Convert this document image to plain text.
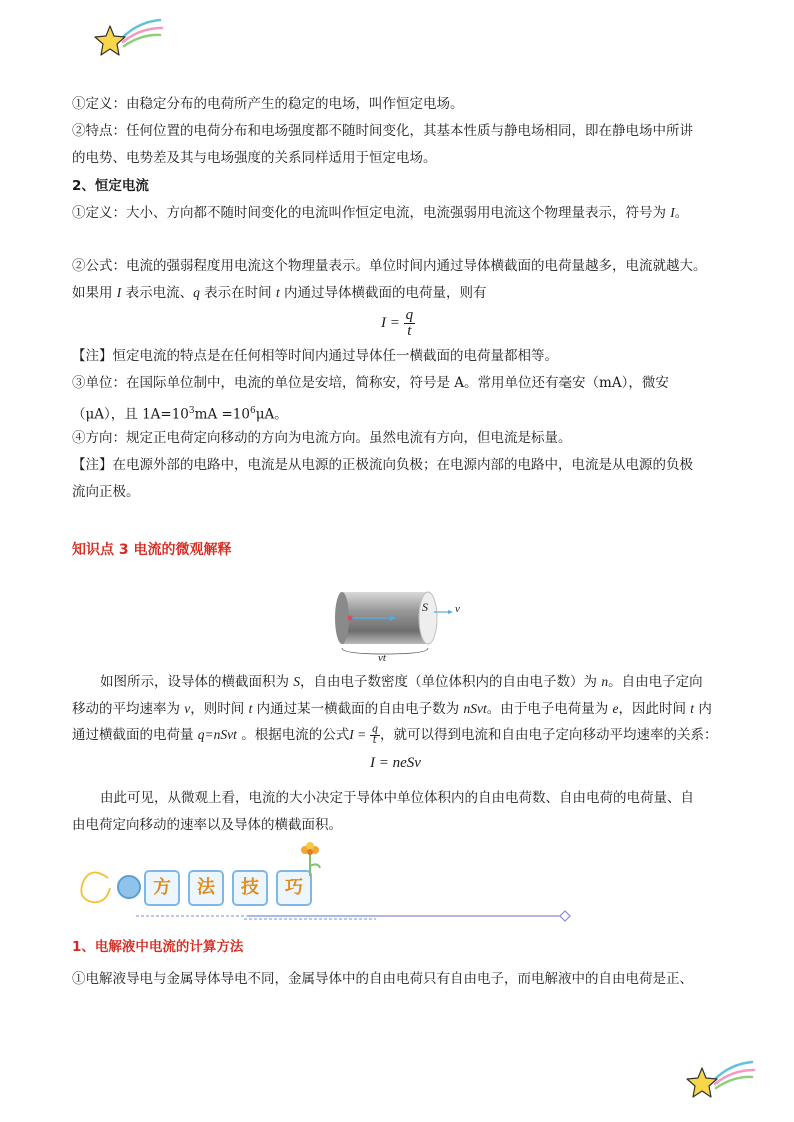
①定义：由稳定分布的电荷所产生的稳定的电场，叫作恒定电场。
②特点：任何位置的电荷分布和电场强度都不随时间变化，其基本性质与静电场相同，即在静电场中所讲
的电势、电势差及其与电场强度的关系同样适用于恒定电场。
2、恒定电流
①定义：大小、方向都不随时间变化的电流叫作恒定电流，电流强弱用电流这个物理量表示，符号为 I。
②公式：电流的强弱程度用电流这个物理量表示。单位时间内通过导体横截面的电荷量越多，电流就越大。
如果用 I 表示电流、q 表示在时间 t 内通过导体横截面的电荷量，则有
$I = \frac{q}{t}$
【注】恒定电流的特点是在任何相等时间内通过导体任一横截面的电荷量都相等。
③单位：在国际单位制中，电流的单位是安培，简称安，符号是 A。常用单位还有毫安（mA），微安
（μA），且 $1A=10^3mA =10^6\mu A$。
④方向：规定正电荷定向移动的方向为电流方向。虽然电流有方向，但电流是标量。
【注】在电源外部的电路中，电流是从电源的正极流向负极；在电源内部的电路中，电流是从电源的负极
流向正极。
知识点 3 电流的微观解释
S v
vt
如图所示，设导体的横截面积为 S，自由电子数密度（单位体积内的自由电子数）为 n。自由电子定向
移动的平均速率为 v，则时间 t 内通过某一横截面的自由电子数为 nSvt。由于电子电荷量为 e，因此时间 t 内
通过横截面的电荷量 q=nSvt 。根据电流的公式$I = \frac{q}{t}$ ，就可以得到电流和自由电子定向移动平均速率的关系：
I = neSv
由此可见，从微观上看，电流的大小决定于导体中单位体积内的自由电荷数、自由电荷的电荷量、自
由电荷定向移动的速率以及导体的横截面积。
方	法	技	巧
1、电解液中电流的计算方法
①电解液导电与金属导体导电不同，金属导体中的自由电荷只有自由电子，而电解液中的自由电荷是正、
